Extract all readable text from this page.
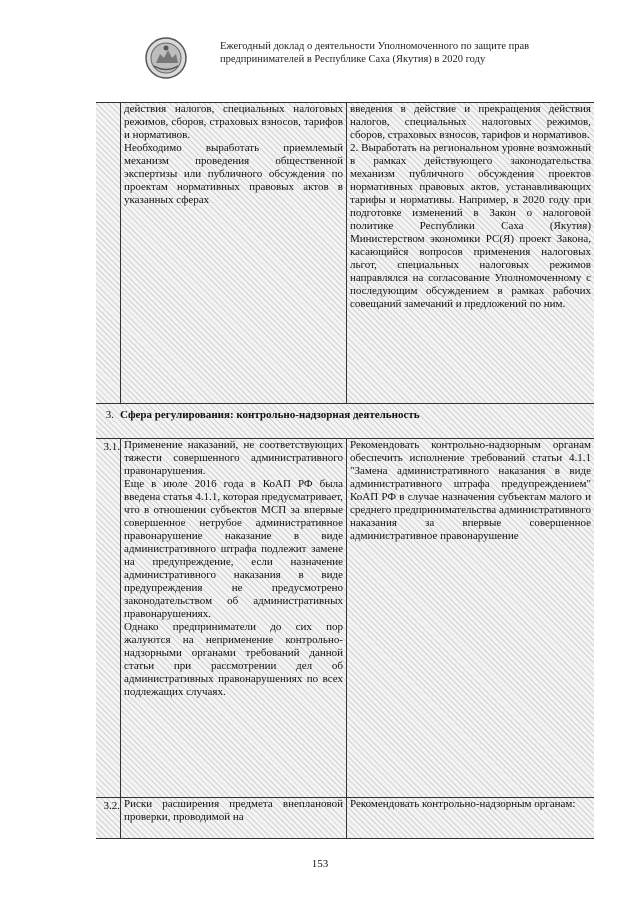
Ежегодный доклад о деятельности Уполномоченного по защите прав
предпринимателей в Республике Саха (Якутия) в 2020 году

действия налогов, специальных налоговых режимов, сборов, страховых взносов, тарифов и нормативов.

Необходимо выработать приемлемый механизм проведения общественной экспертизы или публичного обсуждения по проектам нормативных правовых актов в указанных сферах

введения в действие и прекращения действия налогов, специальных налоговых режимов, сборов, страховых взносов, тарифов и нормативов.

2. Выработать на региональном уровне возможный в рамках действующего законодательства механизм публичного обсуждения проектов нормативных правовых актов, устанавливающих тарифы и нормативы. Например, в 2020 году при подготовке изменений в Закон о налоговой политике Республики Саха (Якутия) Министерством экономики РС(Я) проект Закона, касающийся вопросов применения налоговых льгот, специальных налоговых режимов направлялся на согласование Уполномоченному с последующим обсуждением в рамках рабочих совещаний замечаний и предложений по ним.

3. Сфера регулирования: контрольно-надзорная деятельность
3.1. Применение наказаний, не соответствующих тяжести совершенного административного правонарушения.

Еще в июле 2016 года в КоАП РФ была введена статья 4.1.1, которая предусматривает, что в отношении субъектов МСП за впервые совершенное нетрубое административное правонарушение наказание в виде административного штрафа подлежит замене на предупреждение, если назначение административного наказания в виде предупреждения не предусмотрено законодательством об административных правонарушениях.

Однако предприниматели до сих пор жалуются на неприменение контрольно-надзорными органами требований данной статьи при рассмотрении дел об административных правонарушениях по всех подлежащих случаях.

Рекомендовать контрольно-надзорным органам обеспечить исполнение требований статьи 4.1.1 "Замена административного наказания в виде административного штрафа предупреждением" КоАП РФ в случае назначения субъектам малого и среднего предпринимательства административного наказания за впервые совершенное административное правонарушение

3.2. Риски расширения предмета внеплановой проверки, проводимой на

Рекомендовать контрольно-надзорным органам:

153
